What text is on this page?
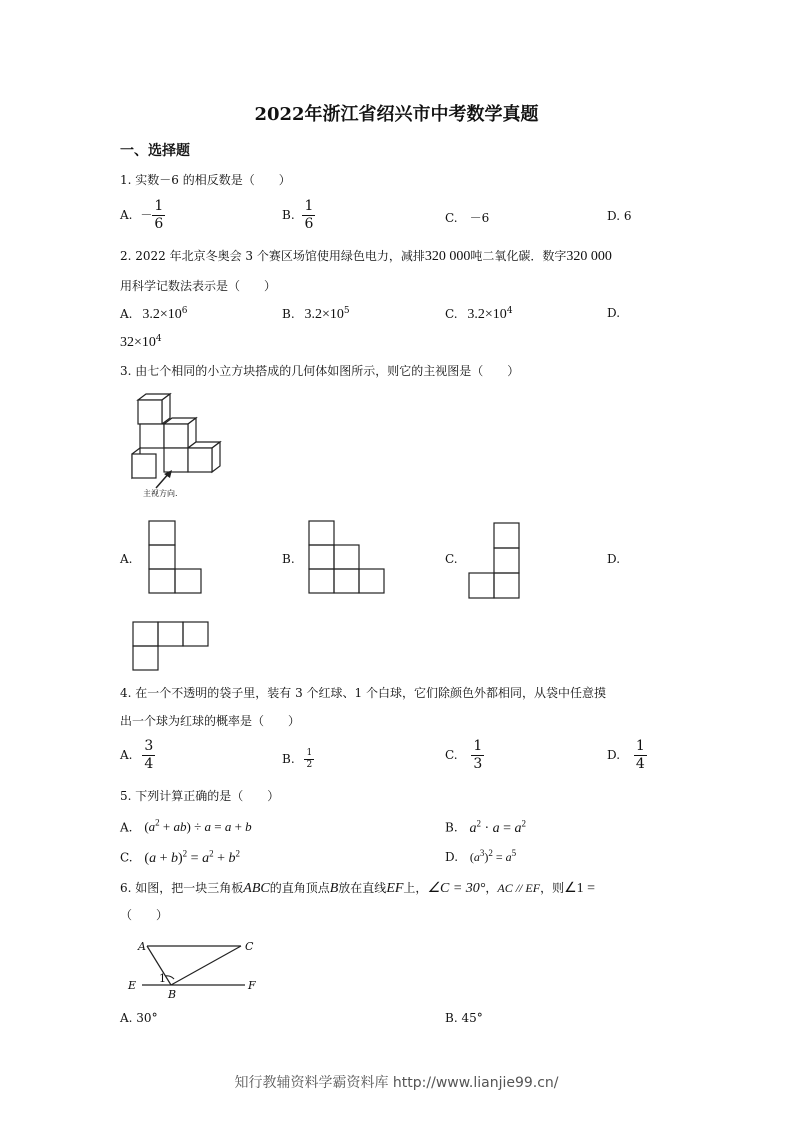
2022年浙江省绍兴市中考数学真题
一、选择题
1. 实数－6 的相反数是（　　）
A. － $\frac{1}{6}$	B. $\frac{1}{6}$	C.　－6	D. 6
2. 2022 年北京冬奥会 3 个赛区场馆使用绿色电力，减排320 000吨二氧化碳．数字320 000
用科学记数法表示是（　　）
A. $3.2\times 10^6$	B. $3.2\times 10^5$	C. $3.2\times 10^4$	D.
$32\times 10^4$
3. 由七个相同的小立方块搭成的几何体如图所示，则它的主视图是（　　）
主视方向.
A.	B.	C.	D.
4. 在一个不透明的袋子里，装有 3 个红球、1 个白球，它们除颜色外都相同，从袋中任意摸
出一个球为红球的概率是（　　）
A. $\frac{3}{4}$	B. $\frac{1}{2}$	C. $\frac{1}{3}$	D. $\frac{1}{4}$
5. 下列计算正确的是（　　）
A. $(a^2 + ab) \div a = a + b$	B. $a^2 \cdot a = a^2$
C. $(a + b)^2 = a^2 + b^2$	D. $(a^3)^2 = a^5$
6. 如图，把一块三角板ABC的直角顶点B放在直线EF上，∠C = 30°，AC // EF，则∠1 =
（　　）
A	C
E
B
F
1
A. 30°	B. 45°
知行教辅资料学霸资料库 http://www.lianjie99.cn/
